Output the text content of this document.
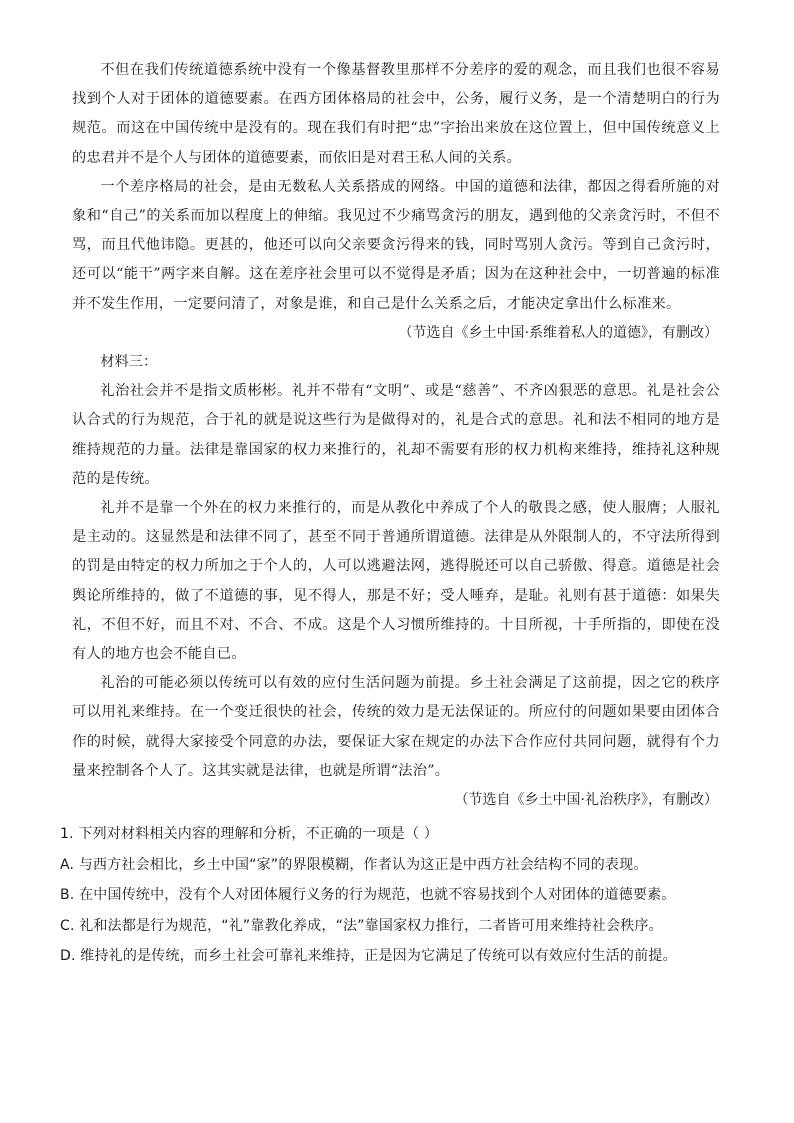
不但在我们传统道德系统中没有一个像基督教里那样不分差序的爱的观念，而且我们也很不容易找到个人对于团体的道德要素。在西方团体格局的社会中，公务，履行义务，是一个清楚明白的行为规范。而这在中国传统中是没有的。现在我们有时把“忠”字抬出来放在这位置上，但中国传统意义上的忠君并不是个人与团体的道德要素，而依旧是对君王私人间的关系。

一个差序格局的社会，是由无数私人关系搭成的网络。中国的道德和法律，都因之得看所施的对象和“自己”的关系而加以程度上的伸缩。我见过不少痛骂贪污的朋友，遇到他的父亲贪污时，不但不骂，而且代他讳隐。更甚的，他还可以向父亲要贪污得来的钱，同时骂别人贪污。等到自己贪污时，还可以“能干”两字来自解。这在差序社会里可以不觉得是矛盾；因为在这种社会中，一切普遍的标准并不发生作用，一定要问清了，对象是谁，和自己是什么关系之后，才能决定拿出什么标准来。

（节选自《乡土中国·系维着私人的道德》，有删改）

材料三：

礼治社会并不是指文质彬彬。礼并不带有“文明”、或是“慈善”、不齐凶狠恶的意思。礼是社会公认合式的行为规范，合于礼的就是说这些行为是做得对的，礼是合式的意思。礼和法不相同的地方是维持规范的力量。法律是靠国家的权力来推行的，礼却不需要有形的权力机构来维持，维持礼这种规范的是传统。

礼并不是靠一个外在的权力来推行的，而是从教化中养成了个人的敬畏之感，使人服膺；人服礼是主动的。这显然是和法律不同了，甚至不同于普通所谓道德。法律是从外限制人的，不守法所得到的罚是由特定的权力所加之于个人的，人可以逃避法网，逃得脱还可以自己骄傲、得意。道德是社会舆论所维持的，做了不道德的事，见不得人，那是不好；受人唾弃，是耻。礼则有甚于道德：如果失礼，不但不好，而且不对、不合、不成。这是个人习惯所维持的。十目所视，十手所指的，即使在没有人的地方也会不能自已。

礼治的可能必须以传统可以有效的应付生活问题为前提。乡土社会满足了这前提，因之它的秩序可以用礼来维持。在一个变迁很快的社会，传统的效力是无法保证的。所应付的问题如果要由团体合作的时候，就得大家接受个同意的办法，要保证大家在规定的办法下合作应付共同问题，就得有个力量来控制各个人了。这其实就是法律，也就是所谓“法治”。

（节选自《乡土中国·礼治秩序》，有删改）

1. 下列对材料相关内容的理解和分析，不正确的一项是（ ）
A. 与西方社会相比，乡土中国“家”的界限模糊，作者认为这正是中西方社会结构不同的表现。
B. 在中国传统中，没有个人对团体履行义务的行为规范，也就不容易找到个人对团体的道德要素。
C. 礼和法都是行为规范，“礼”靠教化养成，“法”靠国家权力推行，二者皆可用来维持社会秩序。
D. 维持礼的是传统，而乡土社会可靠礼来维持，正是因为它满足了传统可以有效应付生活的前提。
